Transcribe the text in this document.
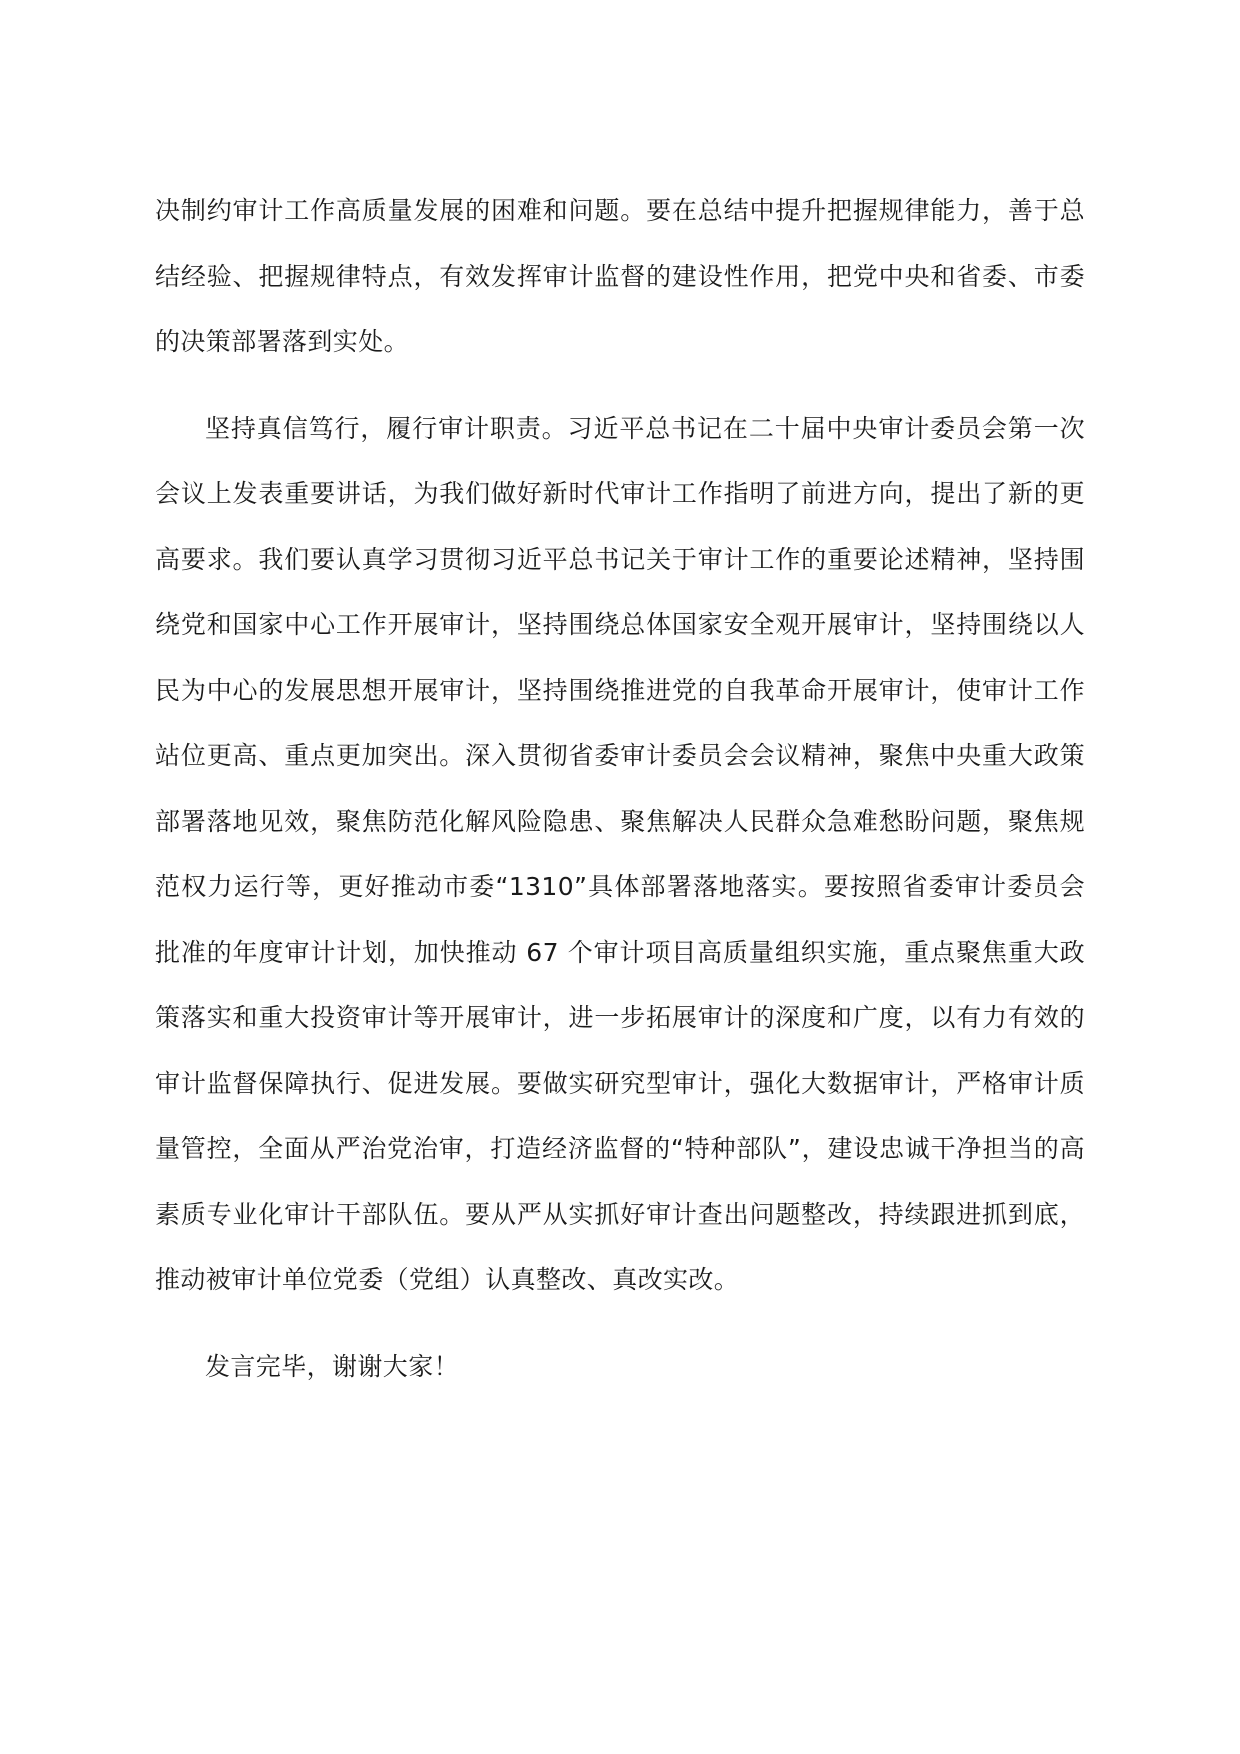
决制约审计工作高质量发展的困难和问题。要在总结中提升把握规律能力，善于总结经验、把握规律特点，有效发挥审计监督的建设性作用，把党中央和省委、市委的决策部署落到实处。

坚持真信笃行，履行审计职责。习近平总书记在二十届中央审计委员会第一次会议上发表重要讲话，为我们做好新时代审计工作指明了前进方向，提出了新的更高要求。我们要认真学习贯彻习近平总书记关于审计工作的重要论述精神，坚持围绕党和国家中心工作开展审计，坚持围绕总体国家安全观开展审计，坚持围绕以人民为中心的发展思想开展审计，坚持围绕推进党的自我革命开展审计，使审计工作站位更高、重点更加突出。深入贯彻省委审计委员会会议精神，聚焦中央重大政策部署落地见效，聚焦防范化解风险隐患、聚焦解决人民群众急难愁盼问题，聚焦规范权力运行等，更好推动市委“1310”具体部署落地落实。要按照省委审计委员会批准的年度审计计划，加快推动 67 个审计项目高质量组织实施，重点聚焦重大政策落实和重大投资审计等开展审计，进一步拓展审计的深度和广度，以有力有效的审计监督保障执行、促进发展。要做实研究型审计，强化大数据审计，严格审计质量管控，全面从严治党治审，打造经济监督的“特种部队”，建设忠诚干净担当的高素质专业化审计干部队伍。要从严从实抓好审计查出问题整改，持续跟进抓到底，推动被审计单位党委（党组）认真整改、真改实改。

发言完毕，谢谢大家！
